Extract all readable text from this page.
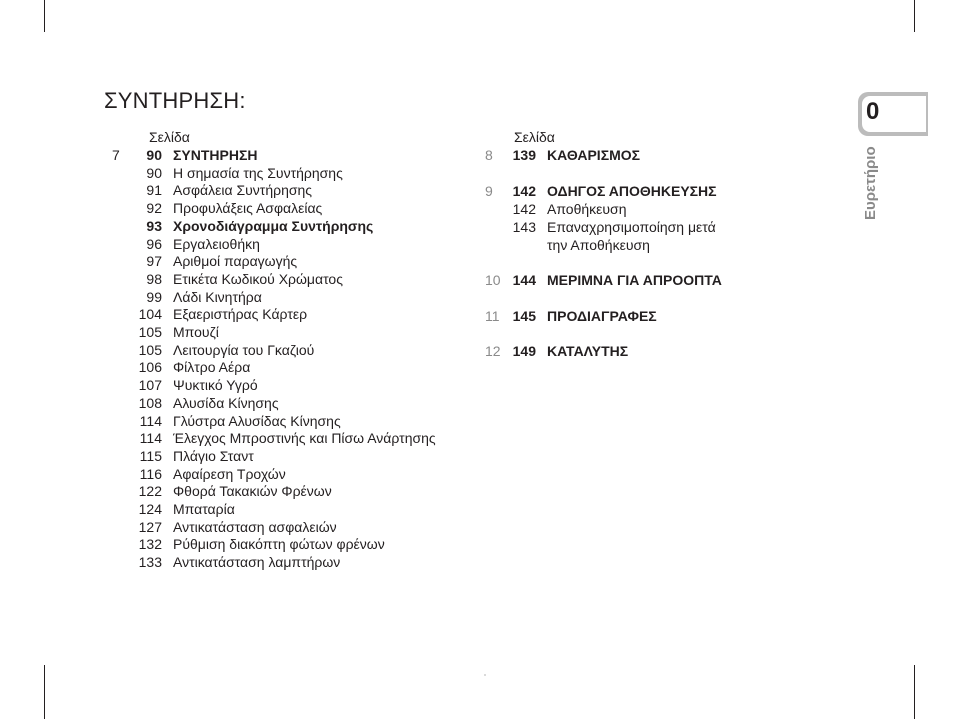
ΣΥΝΤΗΡΗΣΗ:
Σελίδα	Σελίδα
7	90 ΣΥΝΤΗΡΗΣΗ
90 Η σημασία της Συντήρησης
91 Ασφάλεια Συντήρησης
92 Προφυλάξεις Ασφαλείας
93 Χρονοδιάγραμμα Συντήρησης
96 Εργαλειοθήκη
97 Αριθμοί παραγωγής
98 Ετικέτα Κωδικού Χρώματος
99 Λάδι Κινητήρα
104 Εξαεριστήρας Κάρτερ
105 Μπουζί
105 Λειτουργία του Γκαζιού
106 Φίλτρο Αέρα
107 Ψυκτικό Υγρό
108 Αλυσίδα Κίνησης
114 Γλύστρα Αλυσίδας Κίνησης
114 Έλεγχος Μπροστινής και Πίσω Ανάρτησης
115 Πλάγιο Σταντ
116 Αφαίρεση Τροχών
122 Φθορά Τακακιών Φρένων
124 Μπαταρία
127 Αντικατάσταση ασφαλειών
132 Ρύθμιση διακόπτη φώτων φρένων
133 Αντικατάσταση λαμπτήρων
8	139 ΚΑΘΑΡΙΣΜΟΣ
9	142 ΟΔΗΓΟΣ ΑΠΟΘΗΚΕΥΣΗΣ
142 Αποθήκευση
143 Επαναχρησιμοποίηση μετά
την Αποθήκευση
10 144 ΜΕΡΙΜΝΑ ΓΙΑ ΑΠΡΟΟΠΤΑ
11 145 ΠΡΟΔΙΑΓΡΑΦΕΣ
12 149 ΚΑΤΑΛΥΤΗΣ
0
Ευρετήριο
